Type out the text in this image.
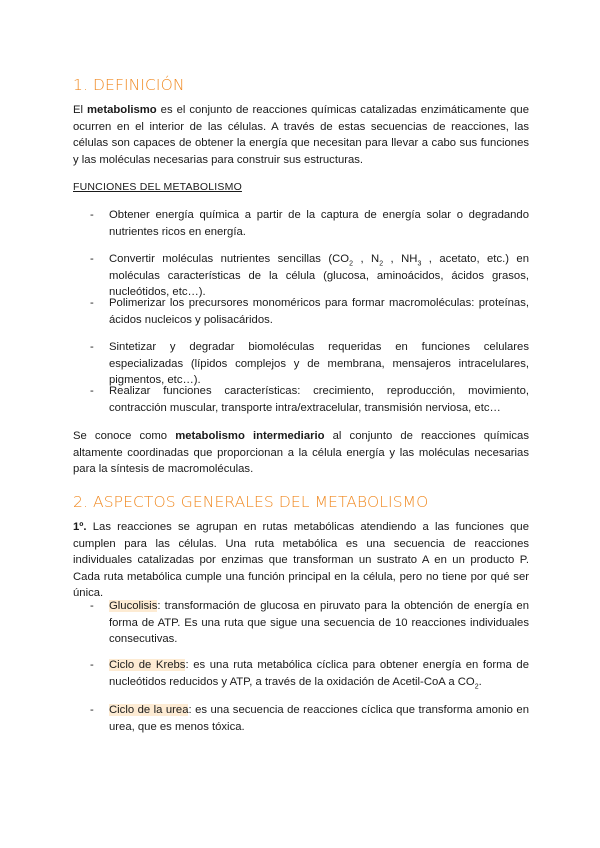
1. DEFINICIÓN

El metabolismo es el conjunto de reacciones químicas catalizadas enzimáticamente que ocurren en el interior de las células. A través de estas secuencias de reacciones, las células son capaces de obtener la energía que necesitan para llevar a cabo sus funciones y las moléculas necesarias para construir sus estructuras.

FUNCIONES DEL METABOLISMO

- Obtener energía química a partir de la captura de energía solar o degradando nutrientes ricos en energía.

- Convertir moléculas nutrientes sencillas ($CO_2$ , $N_2$ , $NH_3$ , acetato, etc.) en moléculas características de la célula (glucosa, aminoácidos, ácidos grasos, nucleótidos, etc…).

- Polimerizar los precursores monoméricos para formar macromoléculas: proteínas, ácidos nucleicos y polisacáridos.

- Sintetizar y degradar biomoléculas requeridas en funciones celulares especializadas (lípidos complejos y de membrana, mensajeros intracelulares, pigmentos, etc…).

- Realizar funciones características: crecimiento, reproducción, movimiento, contracción muscular, transporte intra/extracelular, transmisión nerviosa, etc…

Se conoce como metabolismo intermediario al conjunto de reacciones químicas altamente coordinadas que proporcionan a la célula energía y las moléculas necesarias para la síntesis de macromoléculas.

2. ASPECTOS GENERALES DEL METABOLISMO

1º. Las reacciones se agrupan en rutas metabólicas atendiendo a las funciones que cumplen para las células. Una ruta metabólica es una secuencia de reacciones individuales catalizadas por enzimas que transforman un sustrato A en un producto P. Cada ruta metabólica cumple una función principal en la célula, pero no tiene por qué ser única.

- Glucolisis: transformación de glucosa en piruvato para la obtención de energía en forma de ATP. Es una ruta que sigue una secuencia de 10 reacciones individuales consecutivas.

- Ciclo de Krebs: es una ruta metabólica cíclica para obtener energía en forma de nucleótidos reducidos y ATP, a través de la oxidación de Acetil-CoA a $CO_2$.

- Ciclo de la urea: es una secuencia de reacciones cíclica que transforma amonio en urea, que es menos tóxica.
